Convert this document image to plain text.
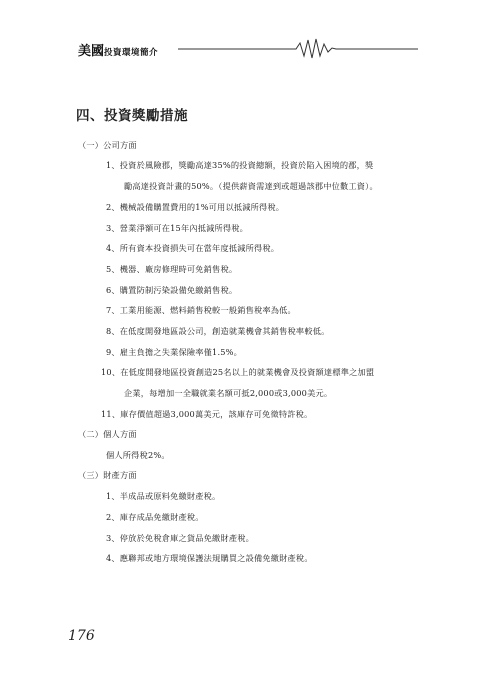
美國投資環境簡介
四、投資獎勵措施
（一）公司方面
1、投資於風險郡，獎勵高達35%的投資總額，投資於陷入困境的郡，獎
勵高達投資計畫的50%。（提供薪資需達到或超過該郡中位數工資）。
2、機械設備購置費用的1%可用以抵減所得稅。
3、營業淨額可在15年內抵減所得稅。
4、所有資本投資損失可在當年度抵減所得稅。
5、機器、廠房修理時可免銷售稅。
6、購置防制污染設備免繳銷售稅。
7、工業用能源、燃料銷售稅較一般銷售稅率為低。
8、在低度開發地區設公司，創造就業機會其銷售稅率較低。
9、雇主負擔之失業保險率僅1.5%。
10、在低度開發地區投資創造25名以上的就業機會及投資額達標準之加盟
企業，每增加一全職就業名額可抵2,000或3,000美元。
11、庫存價值超過3,000萬美元，該庫存可免徵特許稅。
（二）個人方面
個人所得稅2%。
（三）財產方面
1、半成品或原料免繳財產稅。
2、庫存成品免繳財產稅。
3、停放於免稅倉庫之貨品免繳財產稅。
4、應聯邦或地方環境保護法規購買之設備免繳財產稅。
176
